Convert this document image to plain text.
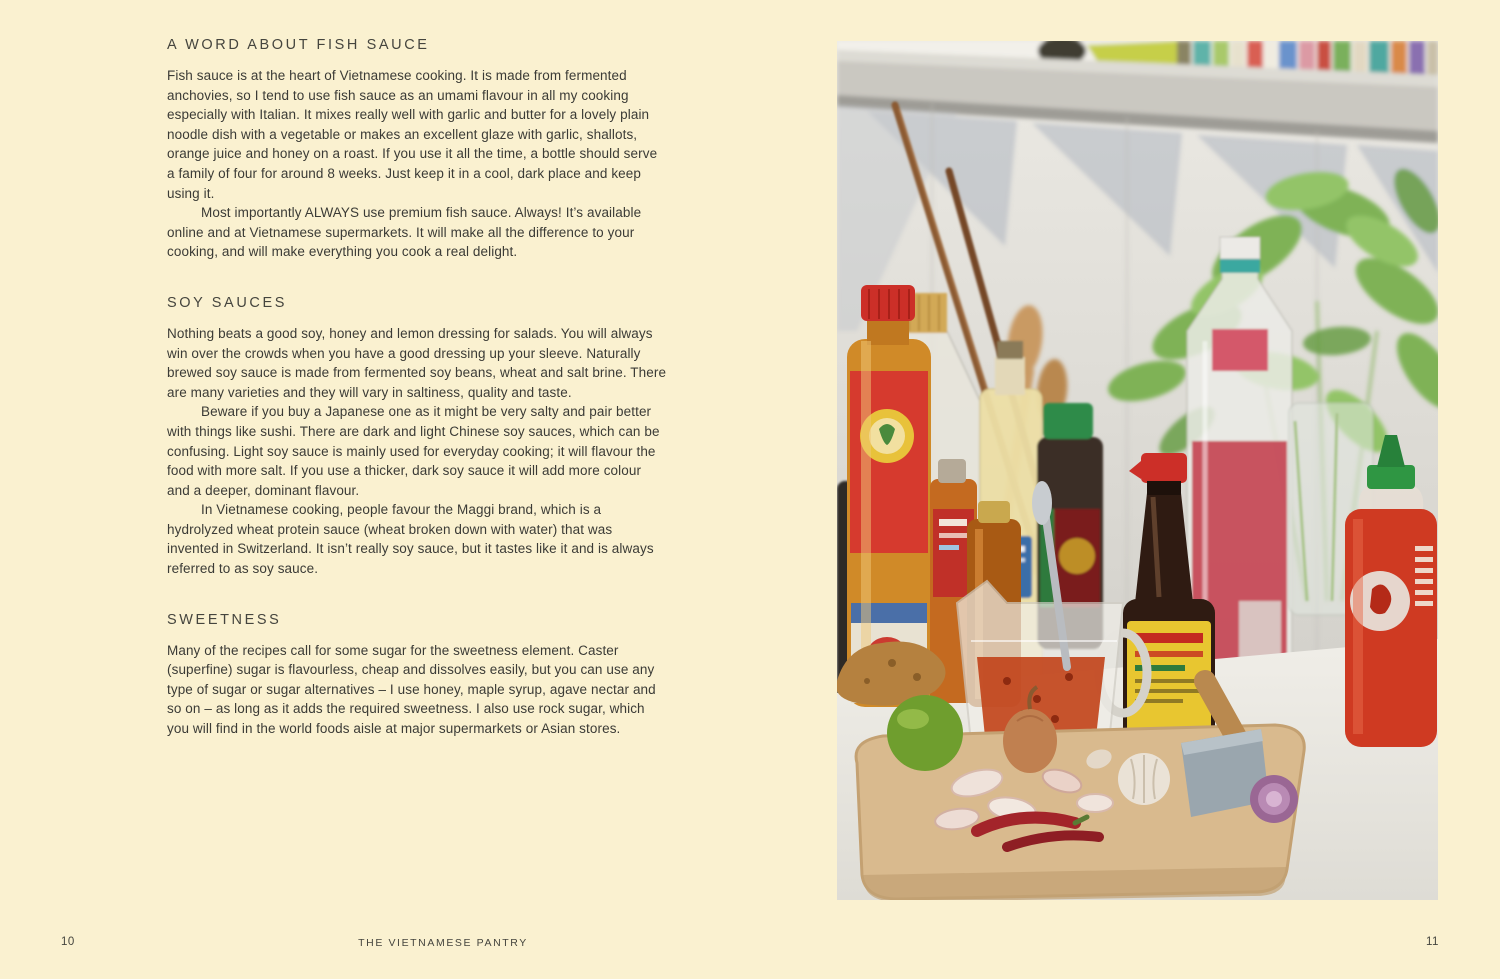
A WORD ABOUT FISH SAUCE

Fish sauce is at the heart of Vietnamese cooking. It is made from fermented anchovies, so I tend to use fish sauce as an umami flavour in all my cooking especially with Italian. It mixes really well with garlic and butter for a lovely plain noodle dish with a vegetable or makes an excellent glaze with garlic, shallots, orange juice and honey on a roast. If you use it all the time, a bottle should serve a family of four for around 8 weeks. Just keep it in a cool, dark place and keep using it.

Most importantly ALWAYS use premium fish sauce. Always! It’s available online and at Vietnamese supermarkets. It will make all the difference to your cooking, and will make everything you cook a real delight.

SOY SAUCES

Nothing beats a good soy, honey and lemon dressing for salads. You will always win over the crowds when you have a good dressing up your sleeve. Naturally brewed soy sauce is made from fermented soy beans, wheat and salt brine. There are many varieties and they will vary in saltiness, quality and taste.

Beware if you buy a Japanese one as it might be very salty and pair better with things like sushi. There are dark and light Chinese soy sauces, which can be confusing. Light soy sauce is mainly used for everyday cooking; it will flavour the food with more salt. If you use a thicker, dark soy sauce it will add more colour and a deeper, dominant flavour.

In Vietnamese cooking, people favour the Maggi brand, which is a hydrolyzed wheat protein sauce (wheat broken down with water) that was invented in Switzerland. It isn’t really soy sauce, but it tastes like it and is always referred to as soy sauce.

SWEETNESS

Many of the recipes call for some sugar for the sweetness element. Caster (superfine) sugar is flavourless, cheap and dissolves easily, but you can use any type of sugar or sugar alternatives – I use honey, maple syrup, agave nectar and so on – as long as it adds the required sweetness. I also use rock sugar, which you will find in the world foods aisle at major supermarkets or Asian stores.

10	THE VIETNAMESE PANTRY	11
